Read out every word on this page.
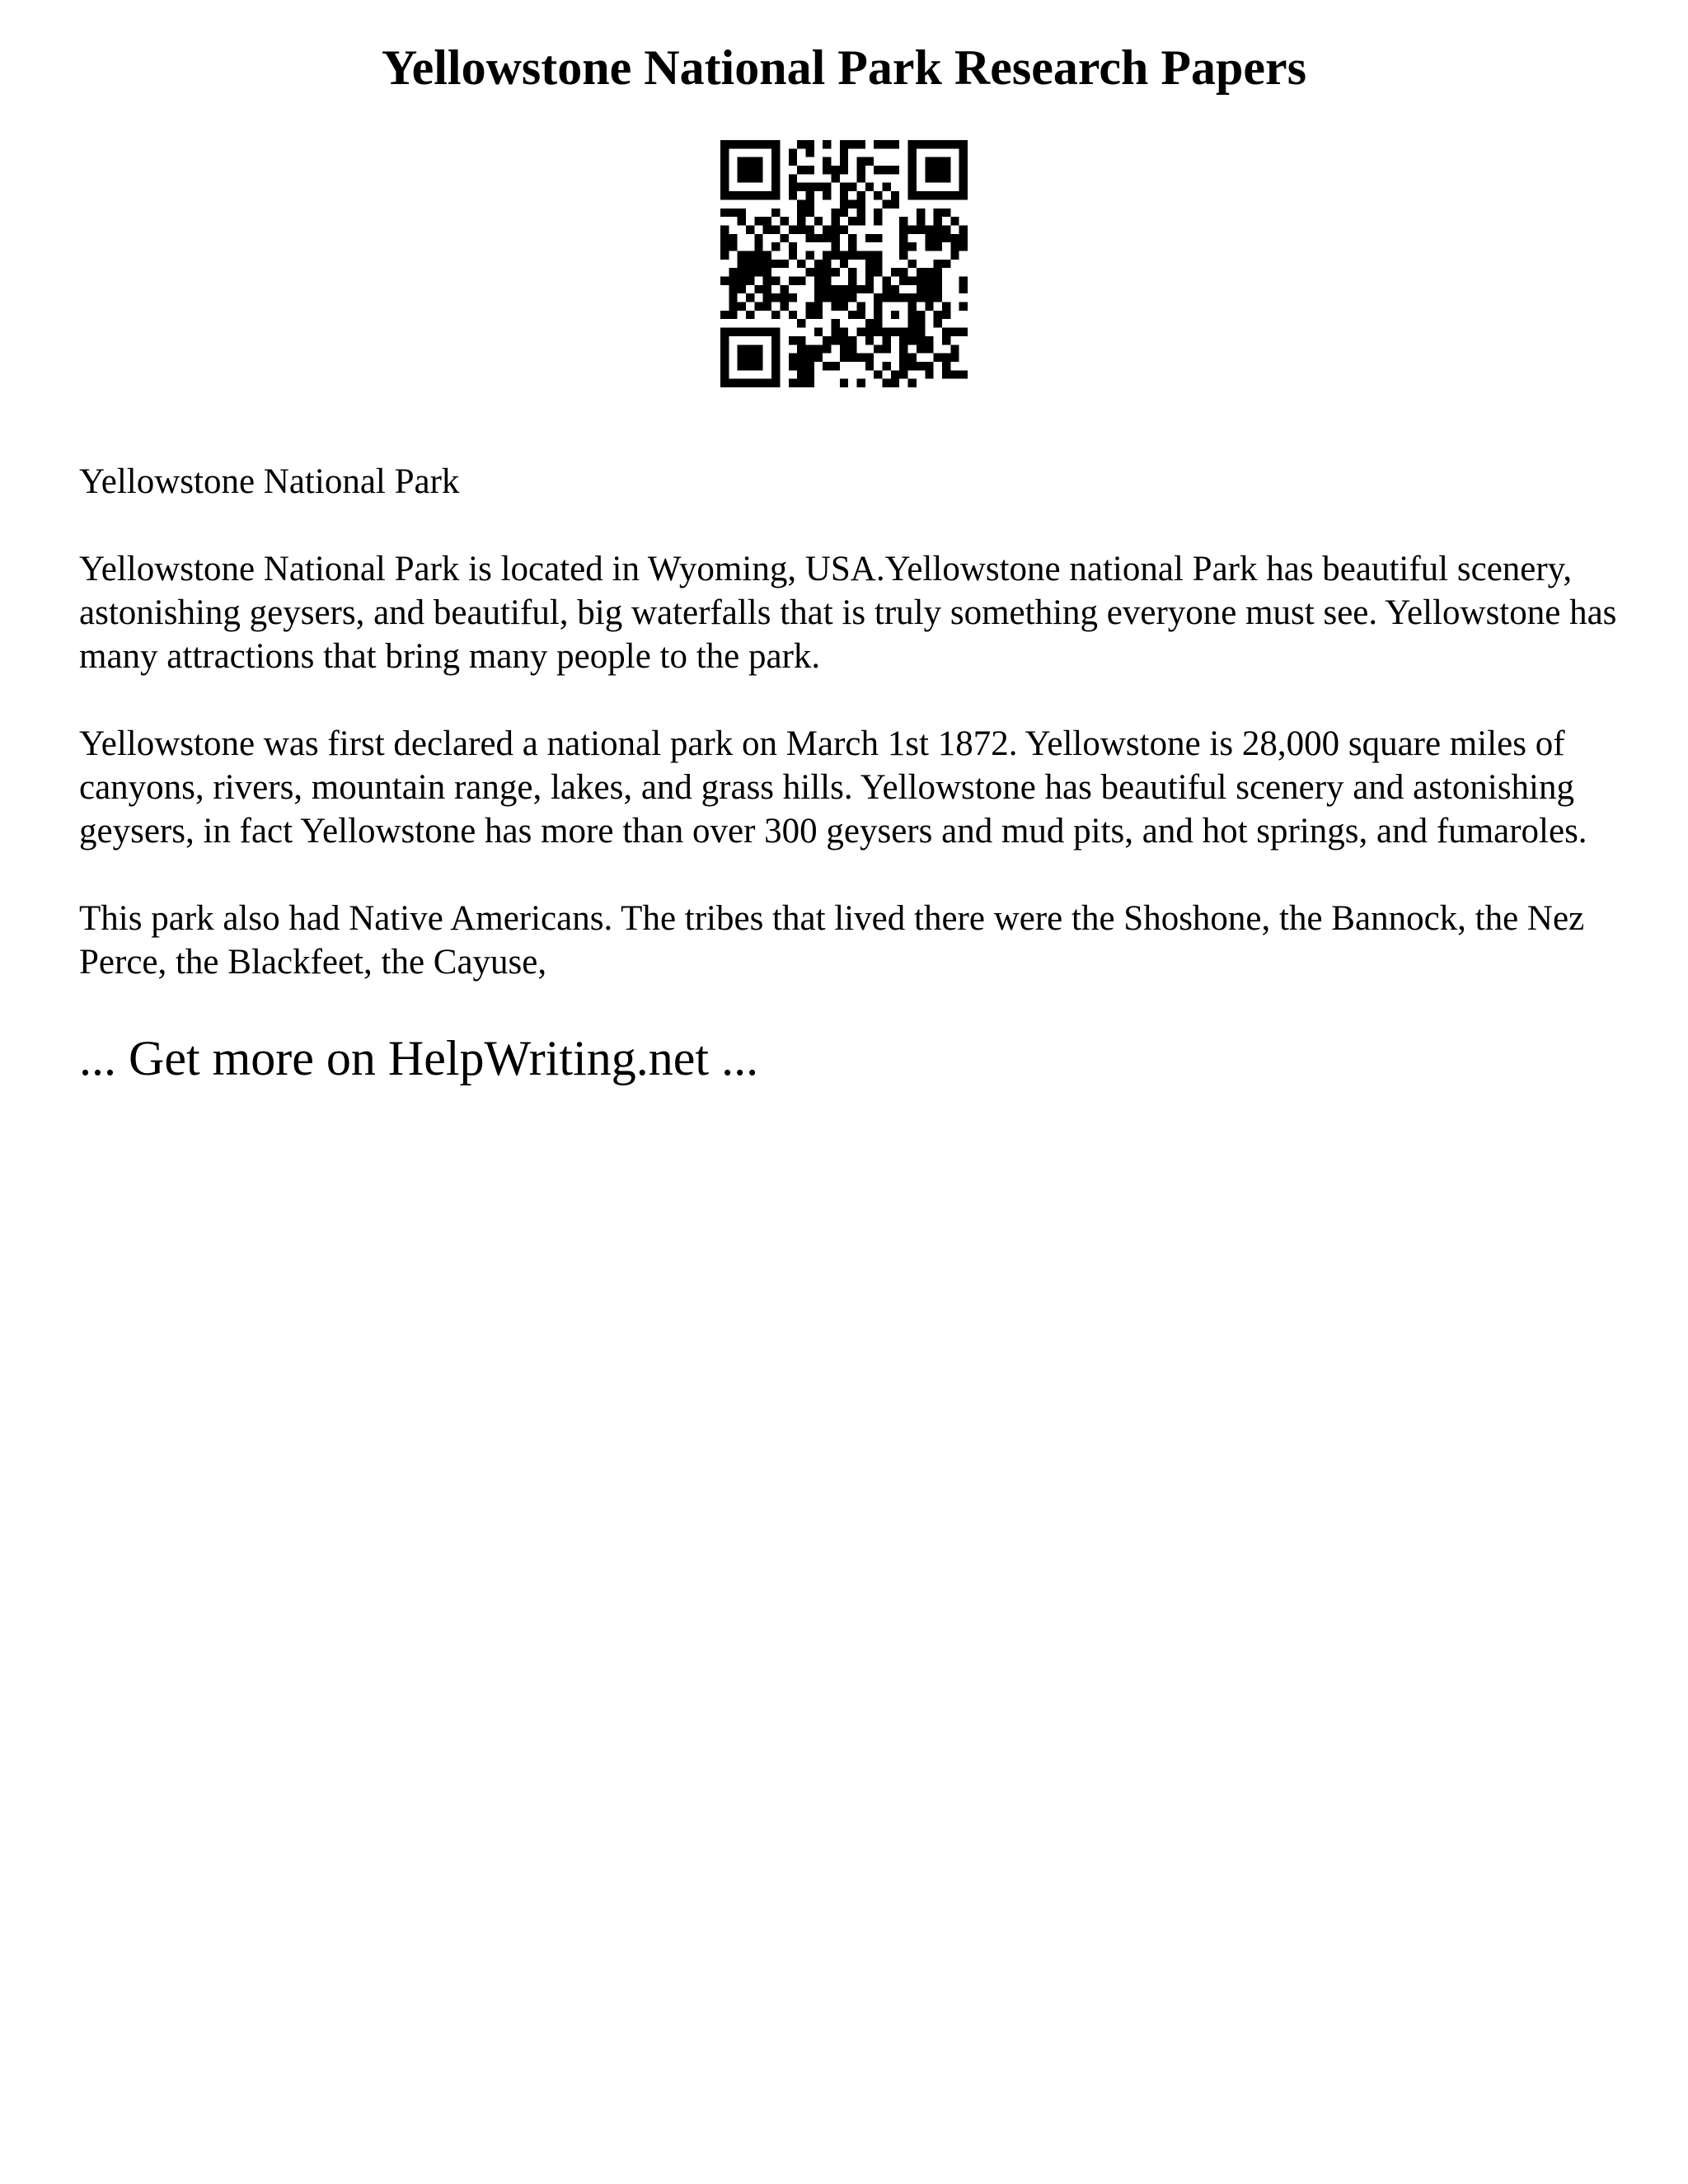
Yellowstone National Park Research Papers

Yellowstone National Park

Yellowstone National Park is located in Wyoming, USA.Yellowstone national Park has beautiful scenery, astonishing geysers, and beautiful, big waterfalls that is truly something everyone must see. Yellowstone has many attractions that bring many people to the park.

Yellowstone was first declared a national park on March 1st 1872. Yellowstone is 28,000 square miles of canyons, rivers, mountain range, lakes, and grass hills. Yellowstone has beautiful scenery and astonishing geysers, in fact Yellowstone has more than over 300 geysers and mud pits, and hot springs, and fumaroles.

This park also had Native Americans. The tribes that lived there were the Shoshone, the Bannock, the Nez Perce, the Blackfeet, the Cayuse,

... Get more on HelpWriting.net ...
